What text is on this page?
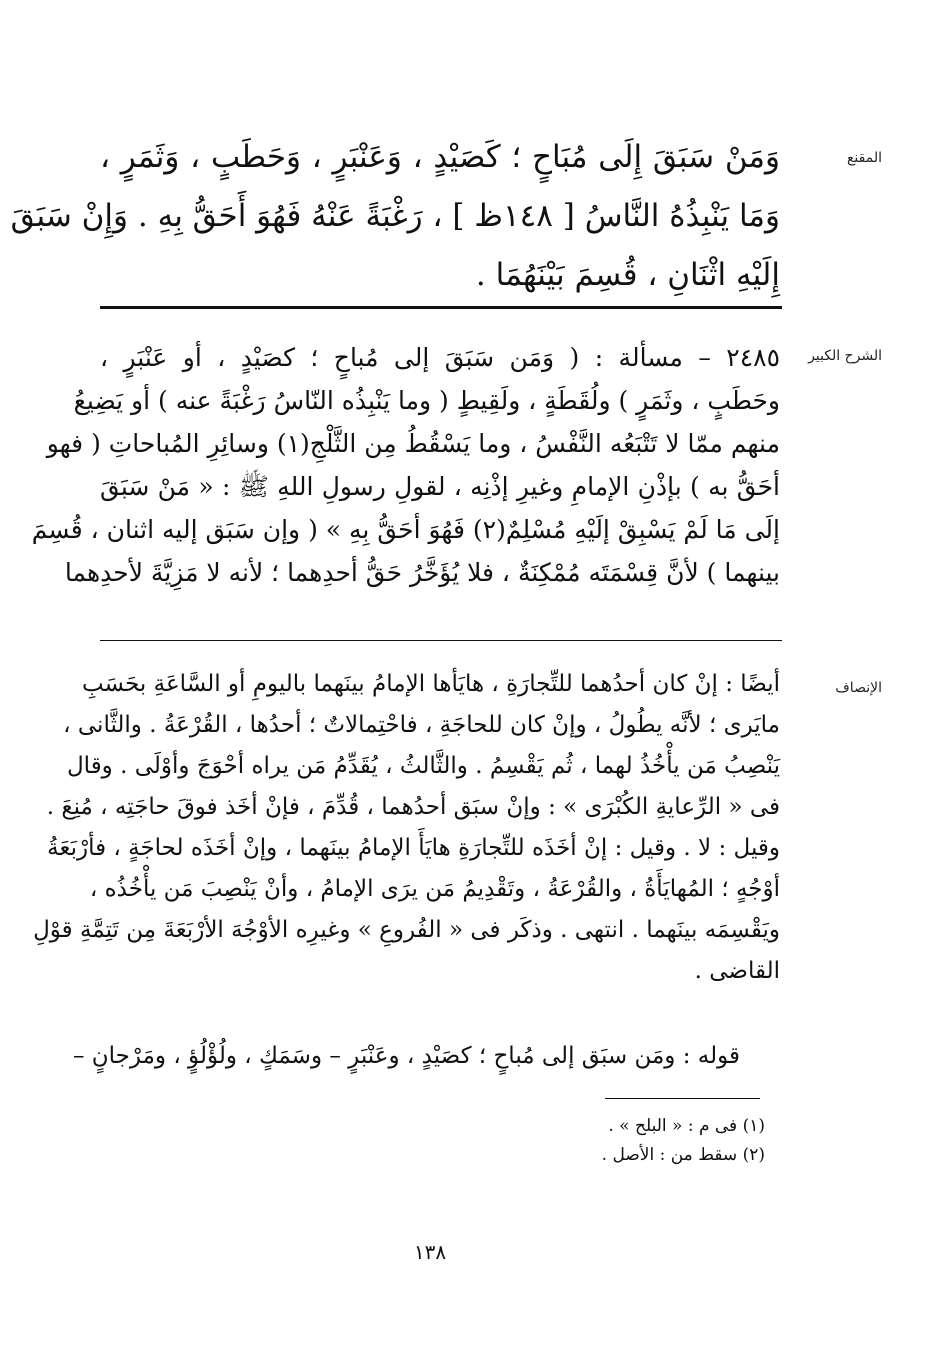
المقنع
وَمَنْ سَبَقَ إِلَى مُبَاحٍ ؛ كَصَيْدٍ ، وَعَنْبَرٍ ، وَحَطَبٍ ، وَثَمَرٍ ،
وَمَا يَنْبِذُهُ النَّاسُ [ ١٤٨ظ ] ، رَغْبَةً عَنْهُ فَهُوَ أَحَقُّ بِهِ . وَإِنْ سَبَقَ
إِلَيْهِ اثْنَانِ ، قُسِمَ بَيْنَهُمَا .
الشرح الكبير
٢٤٨٥ – مسألة : ( وَمَن سَبَقَ إلى مُباحٍ ؛ كصَيْدٍ ، أو عَنْبَرٍ ،
وحَطَبٍ ، وثَمَرٍ ) ولُقَطَةٍ ، ولَقِيطٍ ( وما يَنْبِذُه النّاسُ رَغْبَةً عنه ) أو يَضِيعُ
منهم ممّا لا تَتْبَعُه النَّفْسُ ، وما يَسْقُطُ مِن الثَّلْجِ(١) وسائِرِ المُباحاتِ ( فهو
أحَقُّ به ) بإذْنِ الإمامِ وغيرِ إذْنِه ، لقولِ رسولِ اللهِ ﷺ : « مَنْ سَبَقَ
إلَى مَا لَمْ يَسْبِقْ إلَيْهِ مُسْلِمٌ(٢) فَهُوَ أحَقُّ بِهِ » ( وإن سَبَق إليه اثنان ، قُسِمَ
بينهما ) لأنَّ قِسْمَتَه مُمْكِنَةٌ ، فلا يُؤَخَّرُ حَقُّ أحدِهما ؛ لأنه لا مَزِيَّةَ لأحدِهما
الإنصاف
أيضًا : إنْ كان أحدُهما للتِّجارَةِ ، هايَأها الإمامُ بينَهما باليومِ أو السَّاعَةِ بحَسَبِ
مايَرى ؛ لأنَّه يطُولُ ، وإنْ كان للحاجَةِ ، فاحْتِمالاتٌ ؛ أحدُها ، القُرْعَةُ . والثَّانى ،
يَنْصِبُ مَن يأْخُذُ لهما ، ثُم يَقْسِمُ . والثَّالثُ ، يُقَدِّمُ مَن يراه أحْوَجَ وأوْلَى . وقال
فى « الرِّعايةِ الكُبْرَى » : وإنْ سبَق أحدُهما ، قُدِّمَ ، فإنْ أخَذ فوقَ حاجَتِه ، مُنِعَ .
وقيل : لا . وقيل : إنْ أخَذَه للتِّجارَةِ هايَأَ الإمامُ بينَهما ، وإنْ أخَذَه لحاجَةٍ ، فأرْبَعَةُ
أوْجُهٍ ؛ المُهايَأَةُ ، والقُرْعَةُ ، وتَقْدِيمُ مَن يرَى الإمامُ ، وأنْ يَنْصِبَ مَن يأْخُذُه ،
ويَقْسِمَه بينَهما . انتهى . وذكَر فى « الفُروعِ » وغيرِه الأوْجُهَ الأرْبَعَةَ مِن تَتِمَّةِ قوْلِ
القاضى .
قوله : ومَن سبَق إلى مُباحٍ ؛ كصَيْدٍ ، وعَنْبَرٍ – وسَمَكٍ ، ولُؤْلُؤٍ ، ومَرْجانٍ –
(١) فى م : « البلح » .
(٢) سقط من : الأصل .
١٣٨
